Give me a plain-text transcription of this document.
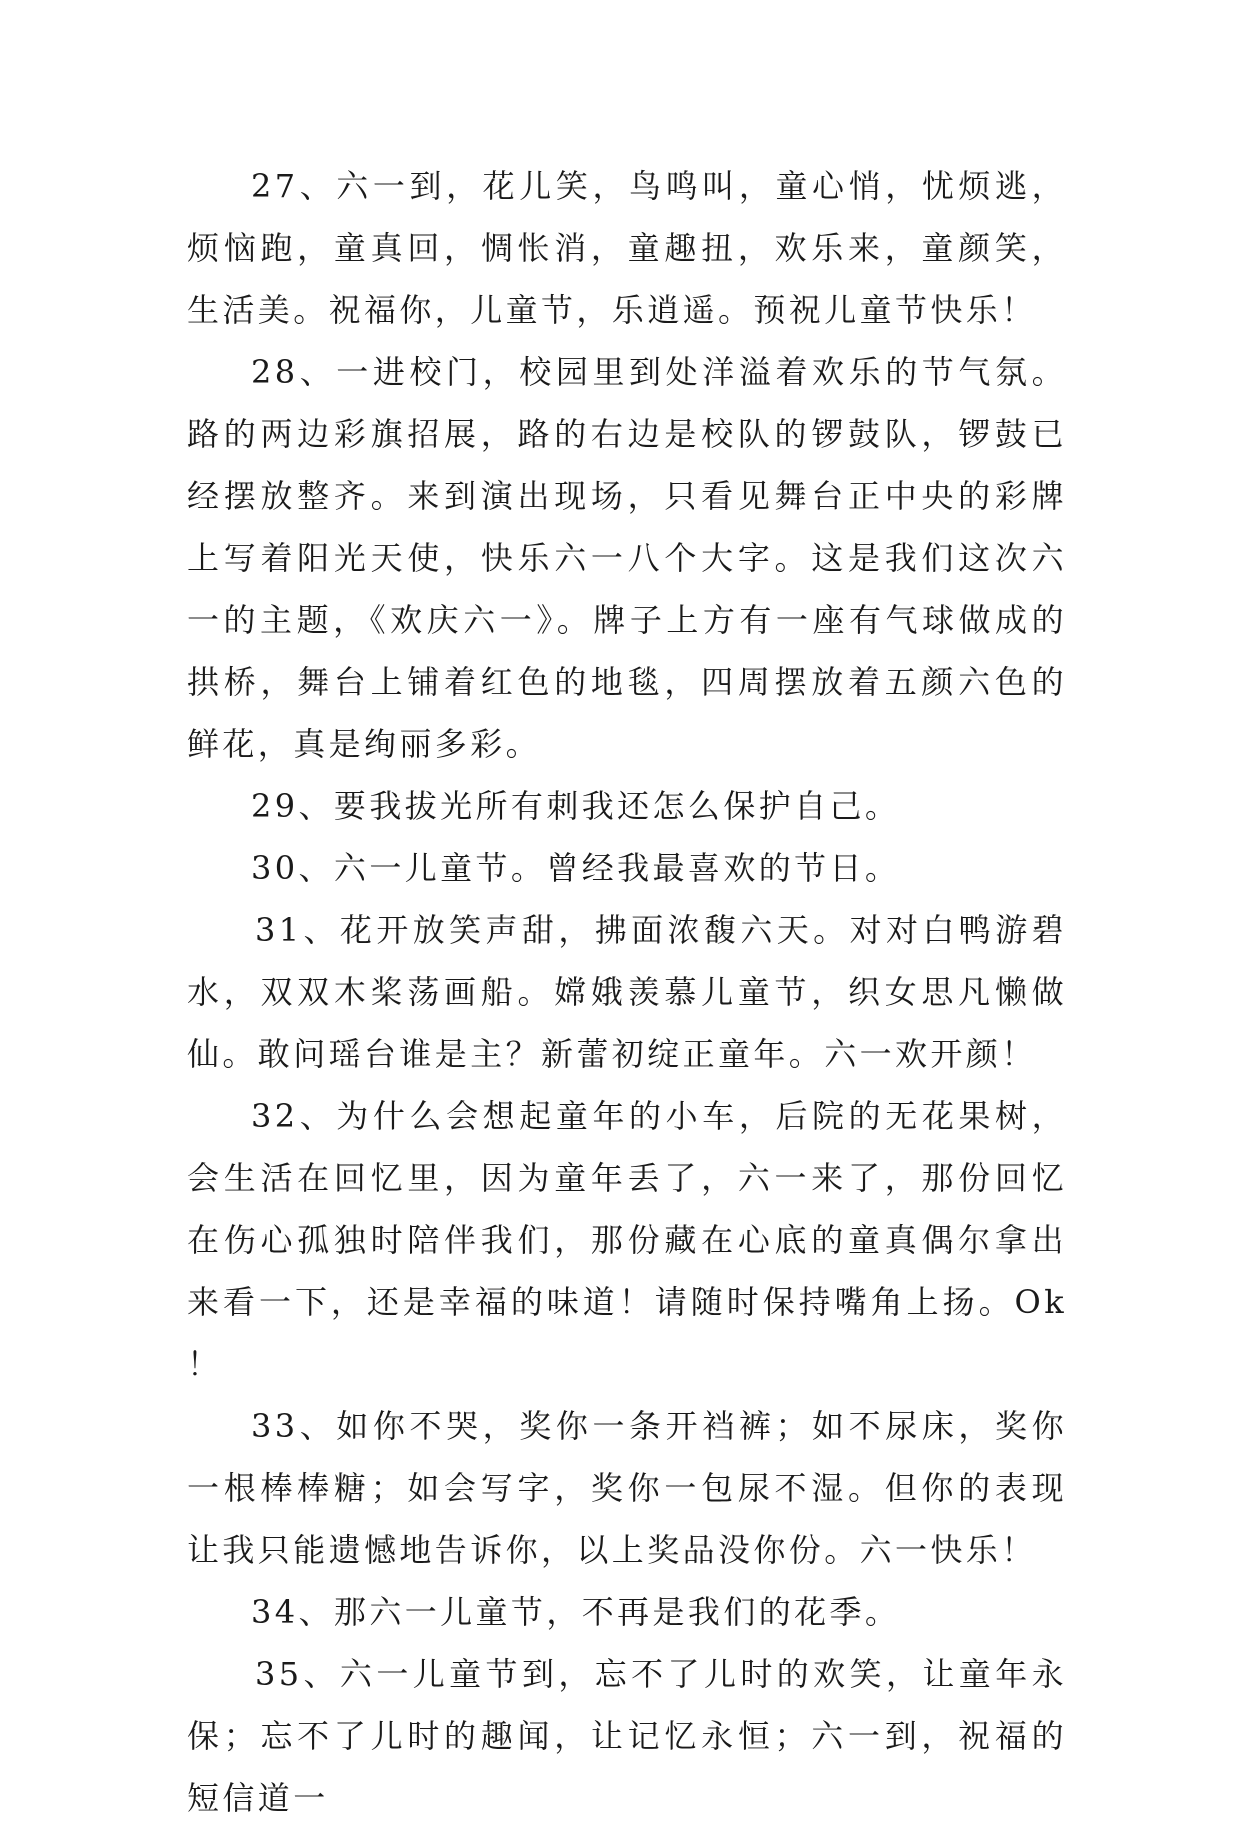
27、六一到，花儿笑，鸟鸣叫，童心悄，忧烦逃，烦恼跑，童真回，惆怅消，童趣扭，欢乐来，童颜笑，生活美。祝福你，儿童节，乐逍遥。预祝儿童节快乐！

28、一进校门，校园里到处洋溢着欢乐的节气氛。路的两边彩旗招展，路的右边是校队的锣鼓队，锣鼓已经摆放整齐。来到演出现场，只看见舞台正中央的彩牌上写着阳光天使，快乐六一八个大字。这是我们这次六一的主题，《欢庆六一》。牌子上方有一座有气球做成的拱桥，舞台上铺着红色的地毯，四周摆放着五颜六色的鲜花，真是绚丽多彩。

29、要我拔光所有刺我还怎么保护自己。

30、六一儿童节。曾经我最喜欢的节日。

31、花开放笑声甜，拂面浓馥六天。对对白鸭游碧水，双双木桨荡画船。嫦娥羡慕儿童节，织女思凡懒做仙。敢问瑶台谁是主？新蕾初绽正童年。六一欢开颜！

32、为什么会想起童年的小车，后院的无花果树，会生活在回忆里，因为童年丢了，六一来了，那份回忆在伤心孤独时陪伴我们，那份藏在心底的童真偶尔拿出来看一下，还是幸福的味道！请随时保持嘴角上扬。Ok！

33、如你不哭，奖你一条开裆裤；如不尿床，奖你一根棒棒糖；如会写字，奖你一包尿不湿。但你的表现让我只能遗憾地告诉你，以上奖品没你份。六一快乐！

34、那六一儿童节，不再是我们的花季。

35、六一儿童节到，忘不了儿时的欢笑，让童年永保；忘不了儿时的趣闻，让记忆永恒；六一到，祝福的短信道一
